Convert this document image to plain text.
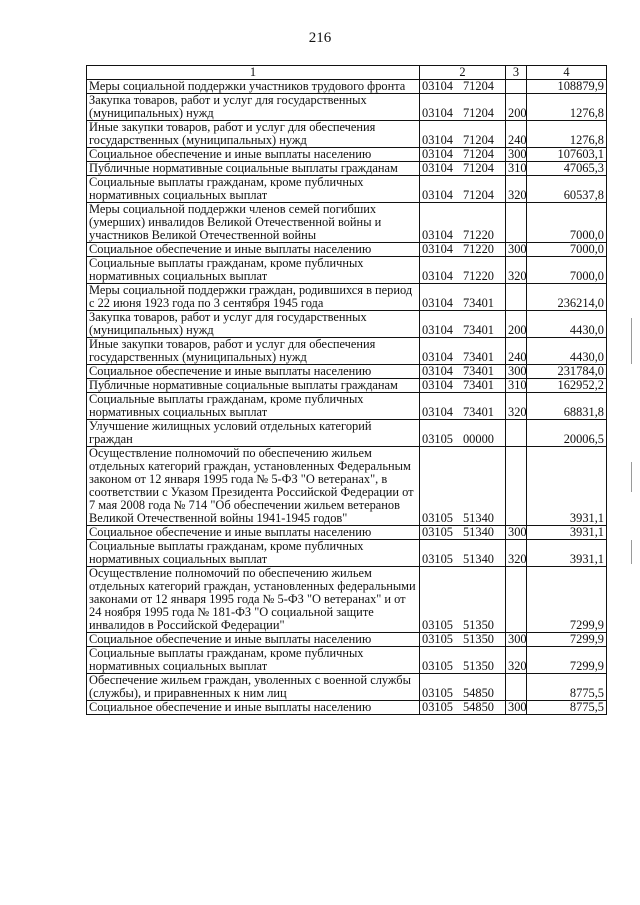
216
1	2	3	4
Меры социальной поддержки участников трудового фронта	03104 71204		108879,9
Закупка товаров, работ и услуг для государственных (муниципальных) нужд	03104 71204	200	1276,8
Иные закупки товаров, работ и услуг для обеспечения государственных (муниципальных) нужд	03104 71204	240	1276,8
Социальное обеспечение и иные выплаты населению	03104 71204	300	107603,1
Публичные нормативные социальные выплаты гражданам	03104 71204	310	47065,3
Социальные выплаты гражданам, кроме публичных нормативных социальных выплат	03104 71204	320	60537,8
Меры социальной поддержки членов семей погибших (умерших) инвалидов Великой Отечественной войны и участников Великой Отечественной войны	03104 71220		7000,0
Социальное обеспечение и иные выплаты населению	03104 71220	300	7000,0
Социальные выплаты гражданам, кроме публичных нормативных социальных выплат	03104 71220	320	7000,0
Меры социальной поддержки граждан, родившихся в период с 22 июня 1923 года по 3 сентября 1945 года	03104 73401		236214,0
Закупка товаров, работ и услуг для государственных (муниципальных) нужд	03104 73401	200	4430,0
Иные закупки товаров, работ и услуг для обеспечения государственных (муниципальных) нужд	03104 73401	240	4430,0
Социальное обеспечение и иные выплаты населению	03104 73401	300	231784,0
Публичные нормативные социальные выплаты гражданам	03104 73401	310	162952,2
Социальные выплаты гражданам, кроме публичных нормативных социальных выплат	03104 73401	320	68831,8
Улучшение жилищных условий отдельных категорий граждан	03105 00000		20006,5
Осуществление полномочий по обеспечению жильем отдельных категорий граждан, установленных Федеральным законом от 12 января 1995 года № 5-ФЗ "О ветеранах", в соответствии с Указом Президента Российской Федерации от 7 мая 2008 года № 714 "Об обеспечении жильем ветеранов Великой Отечественной войны 1941-1945 годов"	03105 51340		3931,1
Социальное обеспечение и иные выплаты населению	03105 51340	300	3931,1
Социальные выплаты гражданам, кроме публичных нормативных социальных выплат	03105 51340	320	3931,1
Осуществление полномочий по обеспечению жильем отдельных категорий граждан, установленных федеральными законами от 12 января 1995 года № 5-ФЗ "О ветеранах" и от 24 ноября 1995 года № 181-ФЗ "О социальной защите инвалидов в Российской Федерации"	03105 51350		7299,9
Социальное обеспечение и иные выплаты населению	03105 51350	300	7299,9
Социальные выплаты гражданам, кроме публичных нормативных социальных выплат	03105 51350	320	7299,9
Обеспечение жильем граждан, уволенных с военной службы (службы), и приравненных к ним лиц	03105 54850		8775,5
Социальное обеспечение и иные выплаты населению	03105 54850	300	8775,5
